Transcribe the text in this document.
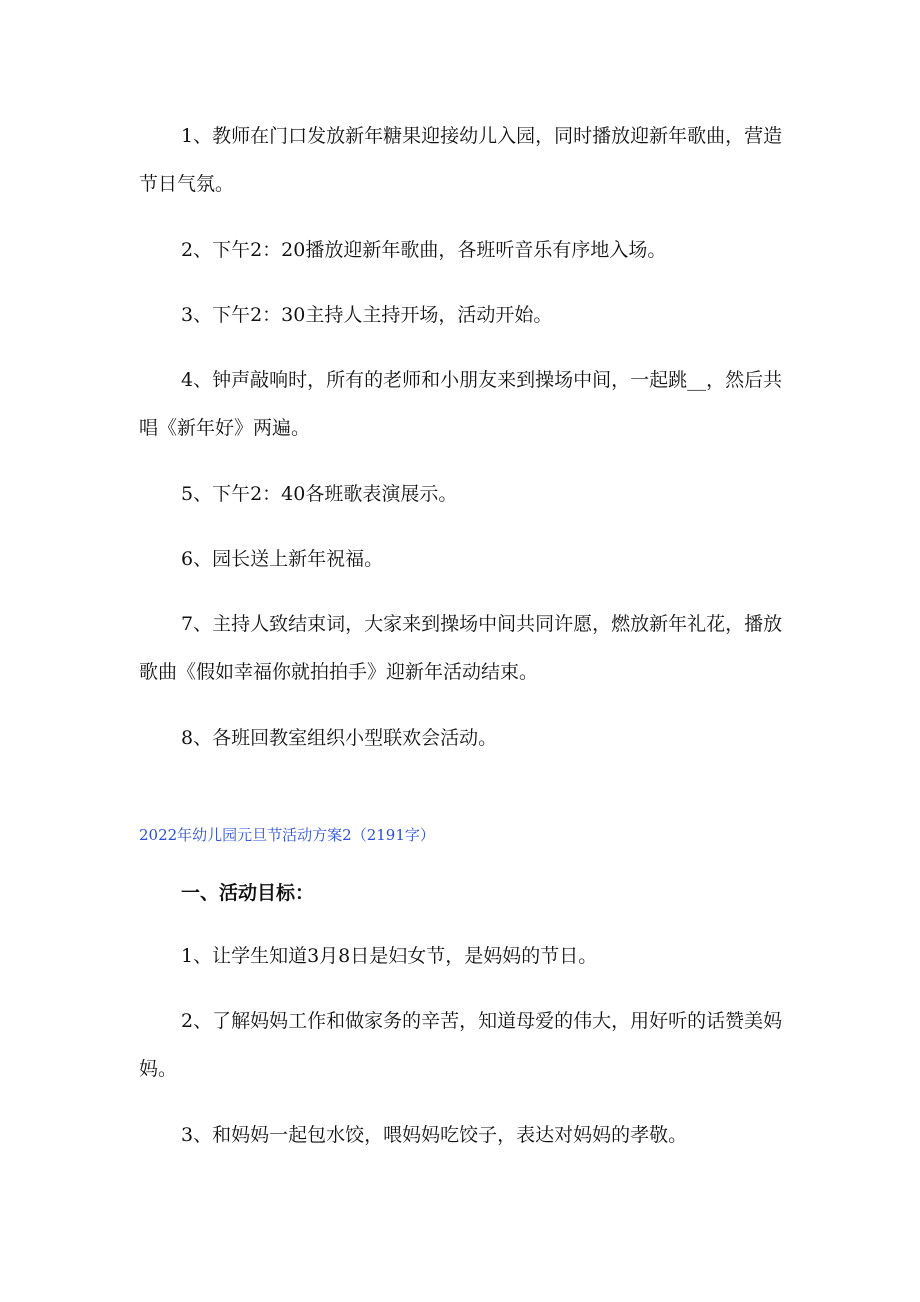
1、教师在门口发放新年糖果迎接幼儿入园，同时播放迎新年歌曲，营造节日气氛。

2、下午2：20播放迎新年歌曲，各班听音乐有序地入场。

3、下午2：30主持人主持开场，活动开始。

4、钟声敲响时，所有的老师和小朋友来到操场中间，一起跳__，然后共唱《新年好》两遍。

5、下午2：40各班歌表演展示。

6、园长送上新年祝福。

7、主持人致结束词，大家来到操场中间共同许愿，燃放新年礼花，播放歌曲《假如幸福你就拍拍手》迎新年活动结束。

8、各班回教室组织小型联欢会活动。

2022年幼儿园元旦节活动方案2（2191字）

一、活动目标：

1、让学生知道3月8日是妇女节，是妈妈的节日。

2、了解妈妈工作和做家务的辛苦，知道母爱的伟大，用好听的话赞美妈妈。

3、和妈妈一起包水饺，喂妈妈吃饺子，表达对妈妈的孝敬。
